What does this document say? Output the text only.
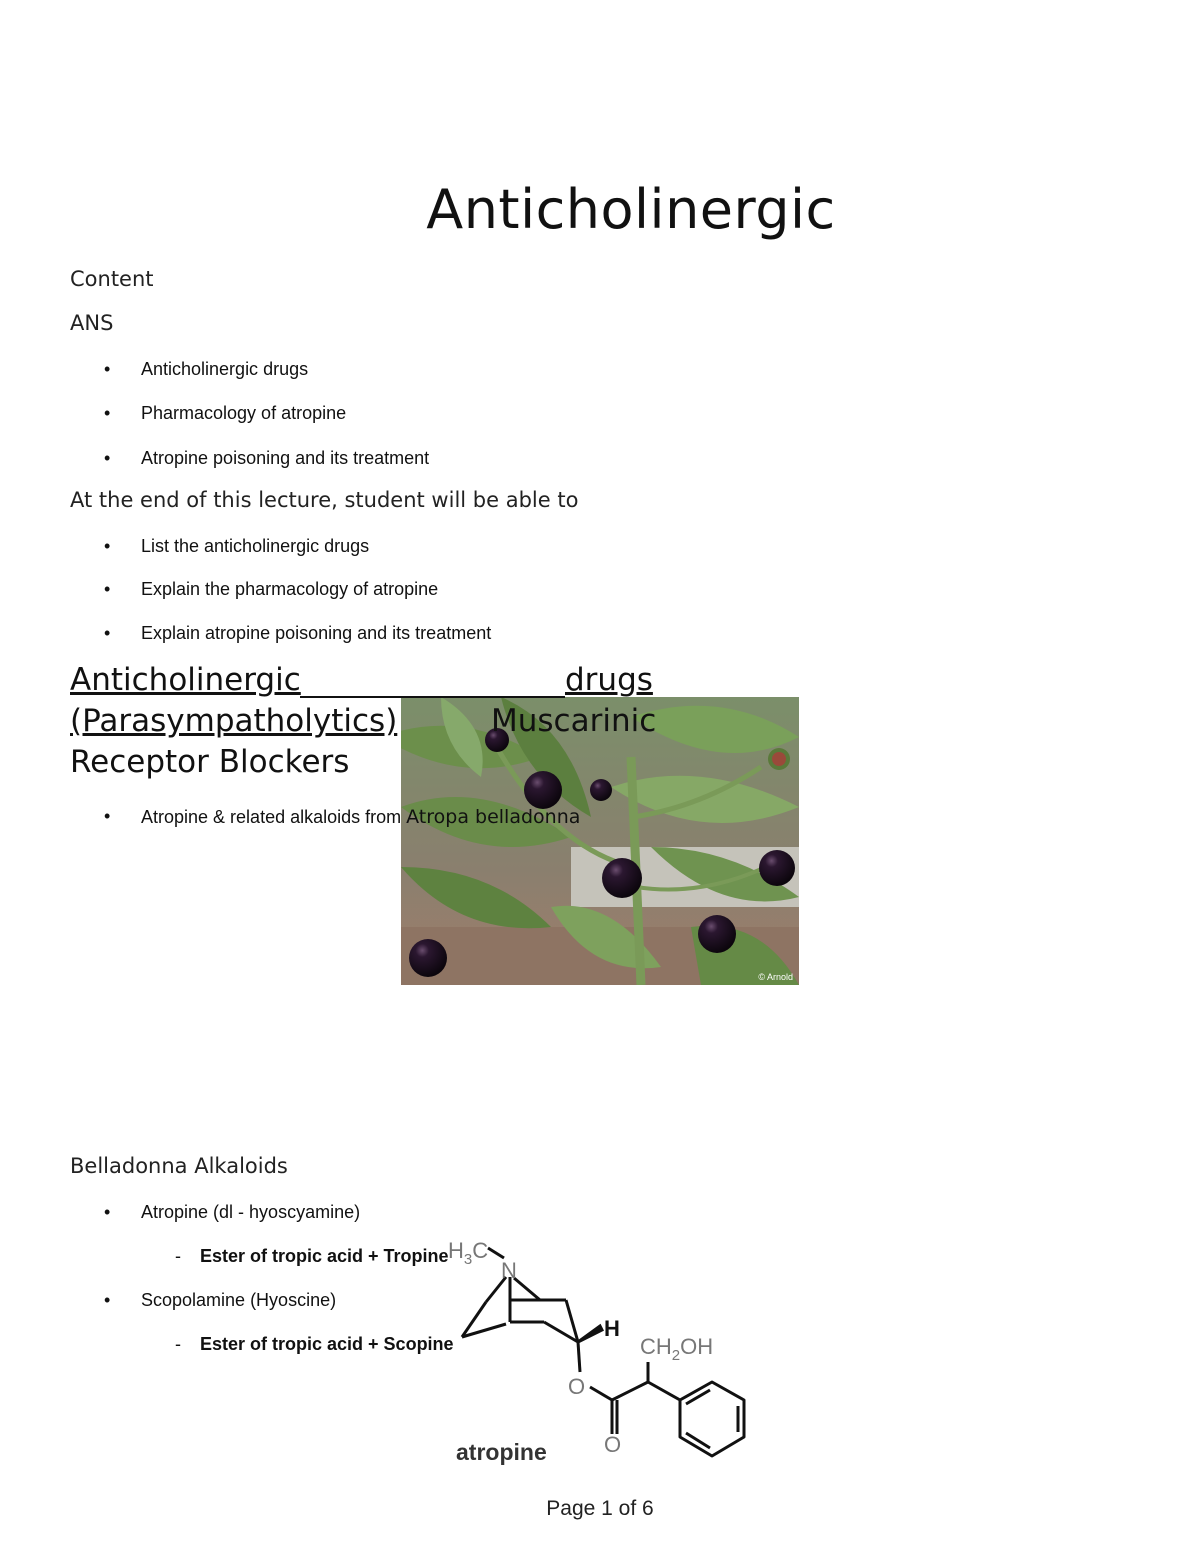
Anticholinergic
Content
ANS
• Anticholinergic drugs
• Pharmacology of atropine
• Atropine poisoning and its treatment
At the end of this lecture, student will be able to
• List the anticholinergic drugs
• Explain the pharmacology of atropine
• Explain atropine poisoning and its treatment
© Arnold
Anticholinergic	drugs
(Parasympatholytics)	Muscarinic
Receptor Blockers
• Atropine & related alkaloids from Atropa belladonna
Belladonna Alkaloids
• Atropine (dl - hyoscyamine)
- Ester of tropic acid + Tropine
• Scopolamine (Hyoscine)
- Ester of tropic acid + Scopine
$H_3C$
N
H
O
O
$CH_2OH$
atropine
Page 1 of 6
